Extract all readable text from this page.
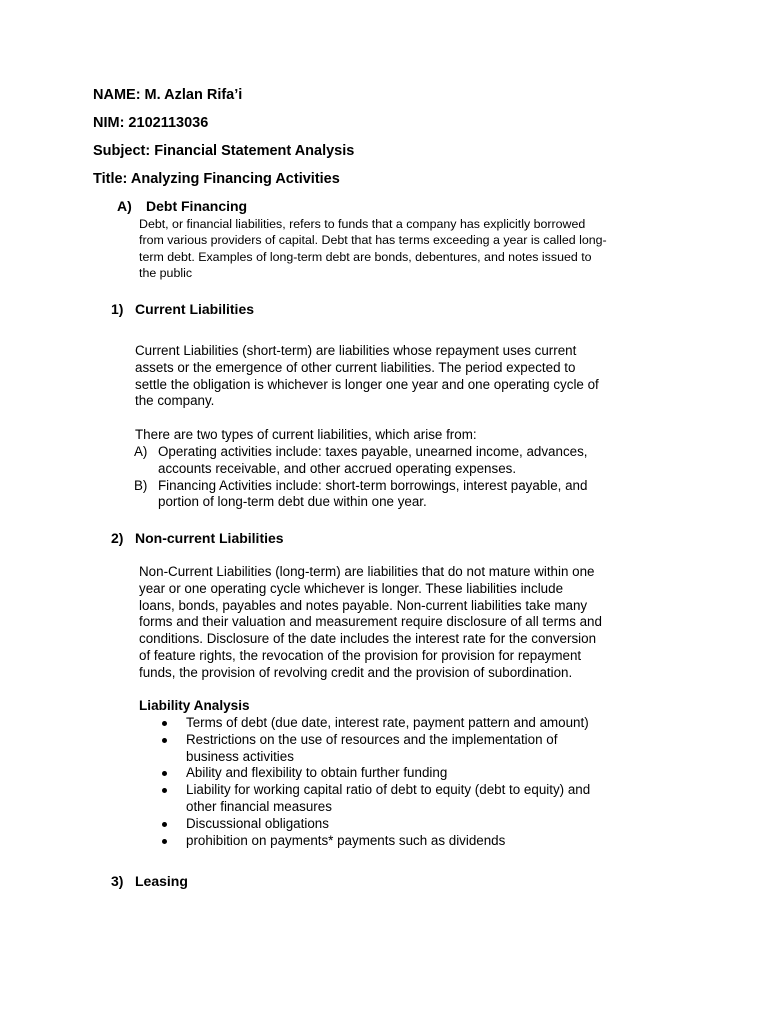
NAME: M. Azlan Rifa’i
NIM: 2102113036
Subject: Financial Statement Analysis
Title: Analyzing Financing Activities
A) Debt Financing
Debt, or financial liabilities, refers to funds that a company has explicitly borrowed
from various providers of capital. Debt that has terms exceeding a year is called long-
term debt. Examples of long-term debt are bonds, debentures, and notes issued to
the public
1) Current Liabilities
Current Liabilities (short-term) are liabilities whose repayment uses current
assets or the emergence of other current liabilities. The period expected to
settle the obligation is whichever is longer one year and one operating cycle of
the company.
There are two types of current liabilities, which arise from:
A) Operating activities include: taxes payable, unearned income, advances,
accounts receivable, and other accrued operating expenses.
B) Financing Activities include: short-term borrowings, interest payable, and
portion of long-term debt due within one year.
2) Non-current Liabilities
Non-Current Liabilities (long-term) are liabilities that do not mature within one
year or one operating cycle whichever is longer. These liabilities include
loans, bonds, payables and notes payable. Non-current liabilities take many
forms and their valuation and measurement require disclosure of all terms and
conditions. Disclosure of the date includes the interest rate for the conversion
of feature rights, the revocation of the provision for provision for repayment
funds, the provision of revolving credit and the provision of subordination.
Liability Analysis
Terms of debt (due date, interest rate, payment pattern and amount)
Restrictions on the use of resources and the implementation of
business activities
Ability and flexibility to obtain further funding
Liability for working capital ratio of debt to equity (debt to equity) and
other financial measures
Discussional obligations
prohibition on payments* payments such as dividends
3) Leasing
